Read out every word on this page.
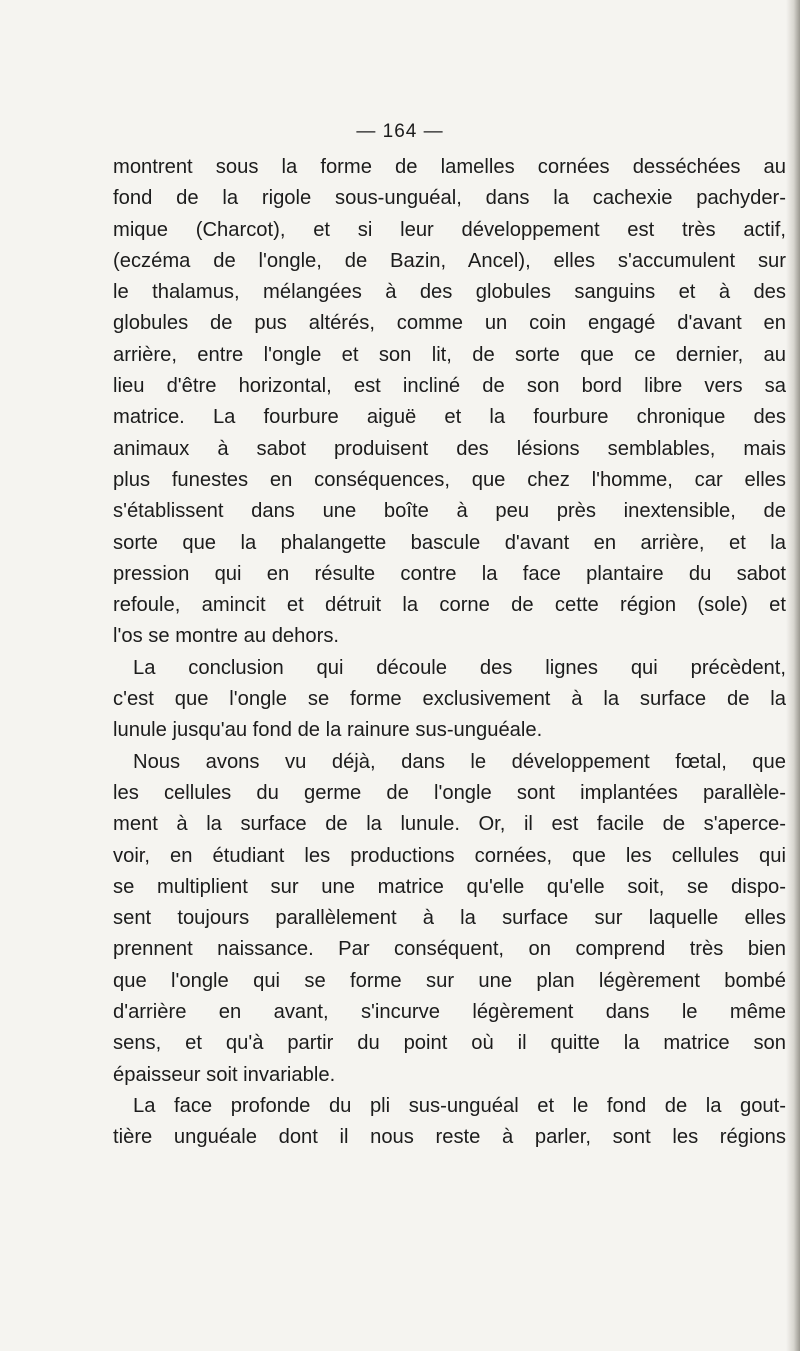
— 164 —
montrent sous la forme de lamelles cornées desséchées au
fond de la rigole sous-unguéal, dans la cachexie pachyder-
mique (Charcot), et si leur développement est très actif,
(eczéma de l'ongle, de Bazin, Ancel), elles s'accumulent sur
le thalamus, mélangées à des globules sanguins et à des
globules de pus altérés, comme un coin engagé d'avant en
arrière, entre l'ongle et son lit, de sorte que ce dernier, au
lieu d'être horizontal, est incliné de son bord libre vers sa
matrice. La fourbure aiguë et la fourbure chronique des
animaux à sabot produisent des lésions semblables, mais
plus funestes en conséquences, que chez l'homme, car elles
s'établissent dans une boîte à peu près inextensible, de
sorte que la phalangette bascule d'avant en arrière, et la
pression qui en résulte contre la face plantaire du sabot
refoule, amincit et détruit la corne de cette région (sole) et
l'os se montre au dehors.
La conclusion qui découle des lignes qui précèdent,
c'est que l'ongle se forme exclusivement à la surface de la
lunule jusqu'au fond de la rainure sus-unguéale.
Nous avons vu déjà, dans le développement fœtal, que
les cellules du germe de l'ongle sont implantées parallèle-
ment à la surface de la lunule. Or, il est facile de s'aperce-
voir, en étudiant les productions cornées, que les cellules qui
se multiplient sur une matrice qu'elle qu'elle soit, se dispo-
sent toujours parallèlement à la surface sur laquelle elles
prennent naissance. Par conséquent, on comprend très bien
que l'ongle qui se forme sur une plan légèrement bombé
d'arrière en avant, s'incurve légèrement dans le même
sens, et qu'à partir du point où il quitte la matrice son
épaisseur soit invariable.
La face profonde du pli sus-unguéal et le fond de la gout-
tière unguéale dont il nous reste à parler, sont les régions
